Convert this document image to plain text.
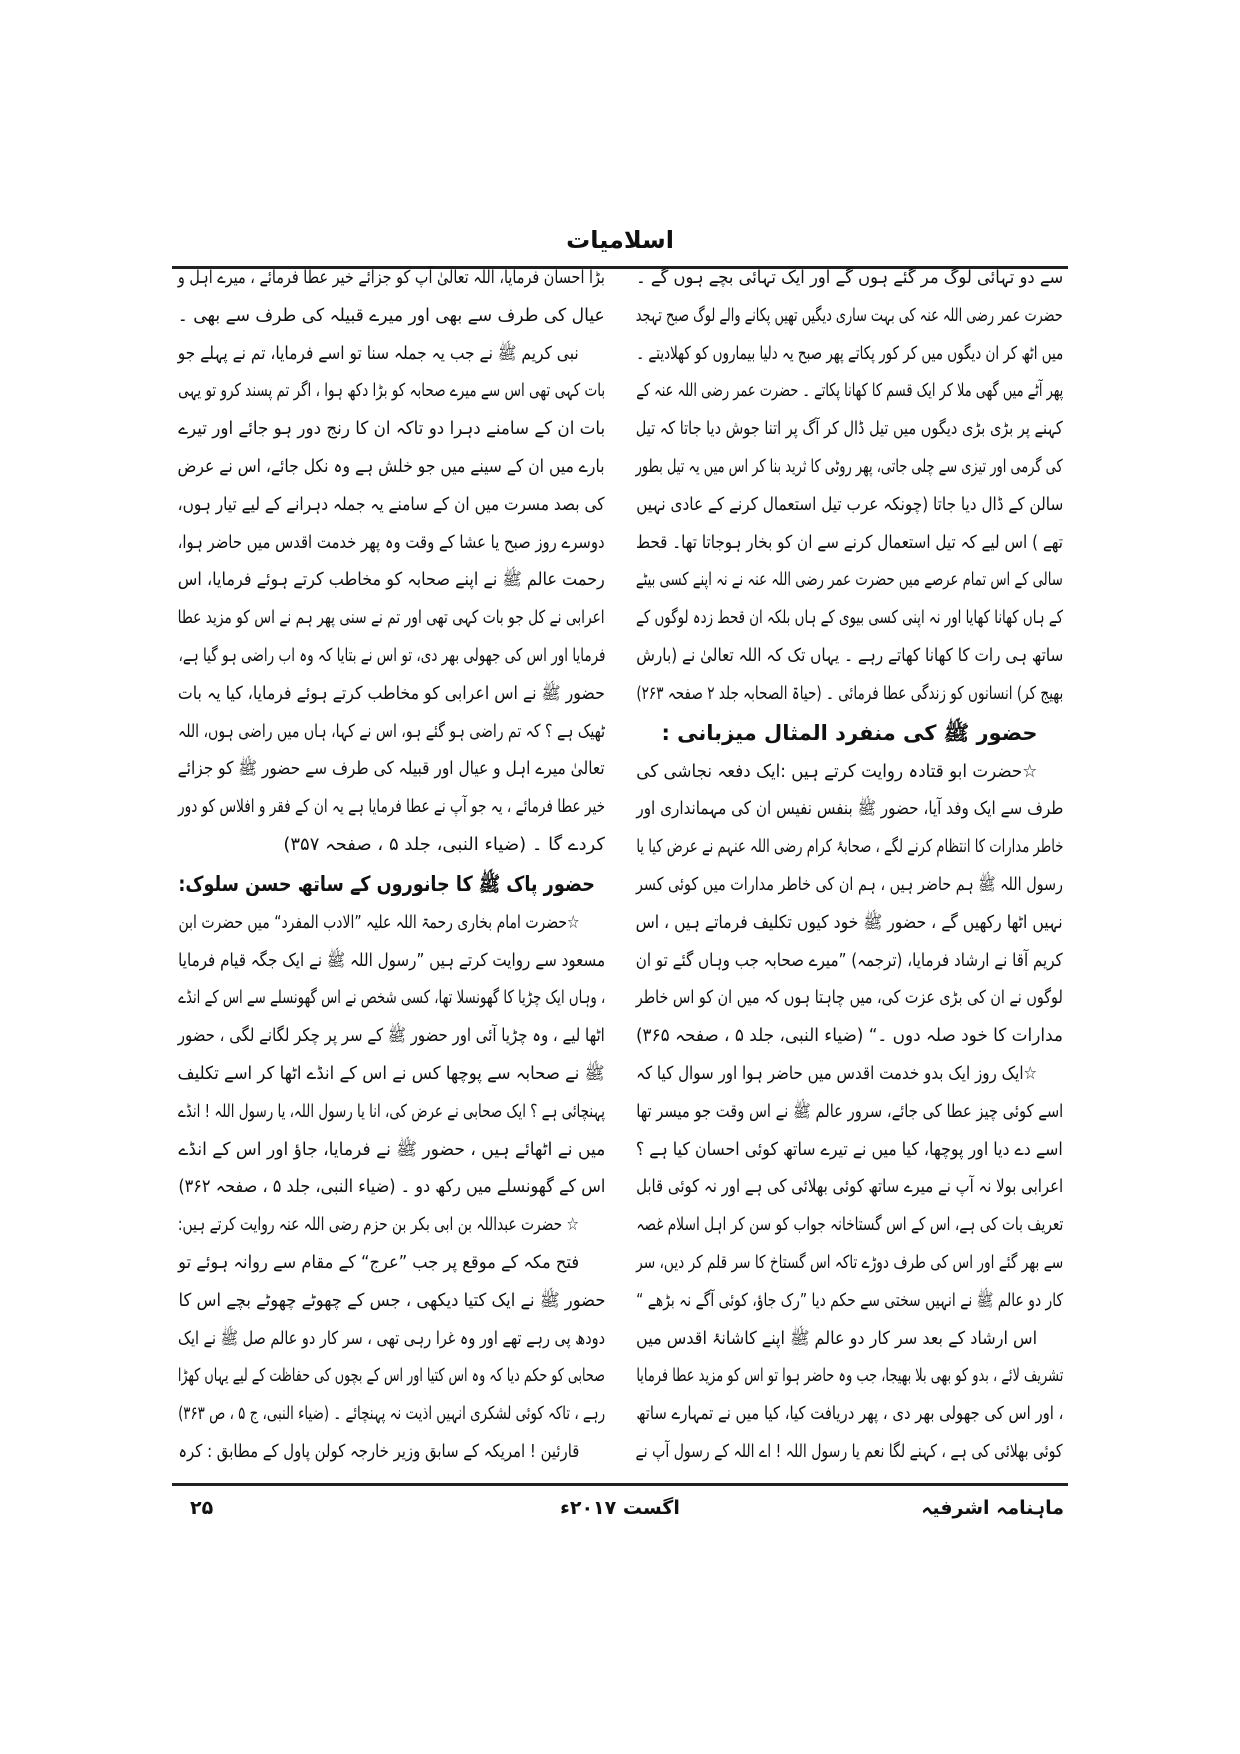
اسلامیات
سے دو تہائی لوگ مر گئے ہوں گے اور ایک تہائی بچے ہوں گے ۔
حضرت عمر رضی اللہ عنہ کی بہت ساری دیگیں تھیں پکانے والے لوگ صبح تہجد
میں اٹھ کر ان دیگوں میں کر کور پکاتے پھر صبح یہ دلیا بیماروں کو کھلادیتے ۔
پھر آٹے میں گھی ملا کر ایک قسم کا کھانا پکاتے ۔ حضرت عمر رضی اللہ عنہ کے
کہنے پر بڑی بڑی دیگوں میں تیل ڈال کر آگ پر اتنا جوش دیا جاتا کہ تیل
کی گرمی اور تیزی سے چلی جاتی، پھر روٹی کا ثرید بنا کر اس میں یہ تیل بطور
سالن کے ڈال دیا جاتا (چونکہ عرب تیل استعمال کرنے کے عادی نہیں
تھے ) اس لیے کہ تیل استعمال کرنے سے ان کو بخار ہوجاتا تھا۔ قحط
سالی کے اس تمام عرصے میں حضرت عمر رضی اللہ عنہ نے نہ اپنے کسی بیٹے
کے ہاں کھانا کھایا اور نہ اپنی کسی بیوی کے ہاں بلکہ ان قحط زدہ لوگوں کے
ساتھ ہی رات کا کھانا کھاتے رہے ۔ یہاں تک کہ اللہ تعالیٰ نے (بارش
بھیج کر) انسانوں کو زندگی عطا فرمائی ۔ (حیاۃ الصحابہ جلد ۲ صفحہ ۲۶۳)
حضور ﷺ کی منفرد المثال میزبانی :
☆حضرت ابو قتادہ روایت کرتے ہیں :ایک دفعہ نجاشی کی
طرف سے ایک وفد آیا، حضور ﷺ بنفس نفیس ان کی مہمانداری اور
خاطر مدارات کا انتظام کرنے لگے ، صحابۂ کرام رضی اللہ عنہم نے عرض کیا یا
رسول اللہ ﷺ ہم حاضر ہیں ، ہم ان کی خاطر مدارات میں کوئی کسر
نہیں اٹھا رکھیں گے ، حضور ﷺ خود کیوں تکلیف فرماتے ہیں ، اس
کریم آقا نے ارشاد فرمایا، (ترجمہ) ”میرے صحابہ جب وہاں گئے تو ان
لوگوں نے ان کی بڑی عزت کی، میں چاہتا ہوں کہ میں ان کو اس خاطر
مدارات کا خود صلہ دوں ۔“ (ضیاء النبی، جلد ۵ ، صفحہ ۳۶۵)
☆ایک روز ایک بدو خدمت اقدس میں حاضر ہوا اور سوال کیا کہ
اسے کوئی چیز عطا کی جائے، سرور عالم ﷺ نے اس وقت جو میسر تھا
اسے دے دیا اور پوچھا، کیا میں نے تیرے ساتھ کوئی احسان کیا ہے ؟
اعرابی بولا نہ آپ نے میرے ساتھ کوئی بھلائی کی ہے اور نہ کوئی قابل
تعریف بات کی ہے، اس کے اس گستاخانہ جواب کو سن کر اہل اسلام غصہ
سے بھر گئے اور اس کی طرف دوڑے تاکہ اس گستاخ کا سر قلم کر دیں، سر
کار دو عالم ﷺ نے انہیں سختی سے حکم دیا ”رک جاؤ، کوئی آگے نہ بڑھے “
اس ارشاد کے بعد سر کار دو عالم ﷺ اپنے کاشانۂ اقدس میں
تشریف لائے ، بدو کو بھی بلا بھیجا، جب وہ حاضر ہوا تو اس کو مزید عطا فرمایا
، اور اس کی جھولی بھر دی ، پھر دریافت کیا، کیا میں نے تمہارے ساتھ
کوئی بھلائی کی ہے ، کہنے لگا نعم یا رسول اللہ ! اے اللہ کے رسول آپ نے
بڑا احسان فرمایا، اللہ تعالیٰ آپ کو جزائے خیر عطا فرمائے ، میرے اہل و
عیال کی طرف سے بھی اور میرے قبیلہ کی طرف سے بھی ۔
نبی کریم ﷺ نے جب یہ جملہ سنا تو اسے فرمایا، تم نے پہلے جو
بات کہی تھی اس سے میرے صحابہ کو بڑا دکھ ہوا ، اگر تم پسند کرو تو یہی
بات ان کے سامنے دہرا دو تاکہ ان کا رنج دور ہو جائے اور تیرے
بارے میں ان کے سینے میں جو خلش ہے وہ نکل جائے، اس نے عرض
کی بصد مسرت میں ان کے سامنے یہ جملہ دہرانے کے لیے تیار ہوں،
دوسرے روز صبح یا عشا کے وقت وہ پھر خدمت اقدس میں حاضر ہوا،
رحمت عالم ﷺ نے اپنے صحابہ کو مخاطب کرتے ہوئے فرمایا، اس
اعرابی نے کل جو بات کہی تھی اور تم نے سنی پھر ہم نے اس کو مزید عطا
فرمایا اور اس کی جھولی بھر دی، تو اس نے بتایا کہ وہ اب راضی ہو گیا ہے،
حضور ﷺ نے اس اعرابی کو مخاطب کرتے ہوئے فرمایا، کیا یہ بات
ٹھیک ہے ؟ کہ تم راضی ہو گئے ہو، اس نے کہا، ہاں میں راضی ہوں، اللہ
تعالیٰ میرے اہل و عیال اور قبیلہ کی طرف سے حضور ﷺ کو جزائے
خیر عطا فرمائے ، یہ جو آپ نے عطا فرمایا ہے یہ ان کے فقر و افلاس کو دور
کردے گا ۔ (ضیاء النبی، جلد ۵ ، صفحہ ۳۵۷)
حضور پاک ﷺ کا جانوروں کے ساتھ حسن سلوک:
☆حضرت امام بخاری رحمۃ اللہ علیہ ”الادب المفرد“ میں حضرت ابن
مسعود سے روایت کرتے ہیں ”رسول اللہ ﷺ نے ایک جگہ قیام فرمایا
، وہاں ایک چڑیا کا گھونسلا تھا، کسی شخص نے اس گھونسلے سے اس کے انڈے
اٹھا لیے ، وہ چڑیا آئی اور حضور ﷺ کے سر پر چکر لگانے لگی ، حضور
ﷺ نے صحابہ سے پوچھا کس نے اس کے انڈے اٹھا کر اسے تکلیف
پہنچائی ہے ؟ ایک صحابی نے عرض کی، انا یا رسول اللہ، یا رسول اللہ ! انڈے
میں نے اٹھائے ہیں ، حضور ﷺ نے فرمایا، جاؤ اور اس کے انڈے
اس کے گھونسلے میں رکھ دو ۔ (ضیاء النبی، جلد ۵ ، صفحہ ۳۶۲)
☆ حضرت عبداللہ بن ابی بکر بن حزم رضی اللہ عنہ روایت کرتے ہیں:
فتح مکہ کے موقع پر جب ”عرج“ کے مقام سے روانہ ہوئے تو
حضور ﷺ نے ایک کتیا دیکھی ، جس کے چھوٹے چھوٹے بچے اس کا
دودھ پی رہے تھے اور وہ غرا رہی تھی ، سر کار دو عالم صل ﷺ نے ایک
صحابی کو حکم دیا کہ وہ اس کتیا اور اس کے بچوں کی حفاظت کے لیے یہاں کھڑا
رہے ، تاکہ کوئی لشکری انہیں اذیت نہ پہنچائے ۔ (ضیاء النبی، ج ۵ ، ص ۳۶۳)
قارئین ! امریکہ کے سابق وزیر خارجہ کولن پاول کے مطابق : کرہ
ماہنامہ اشرفیہ
اگست ۲۰۱۷ء
۲۵
